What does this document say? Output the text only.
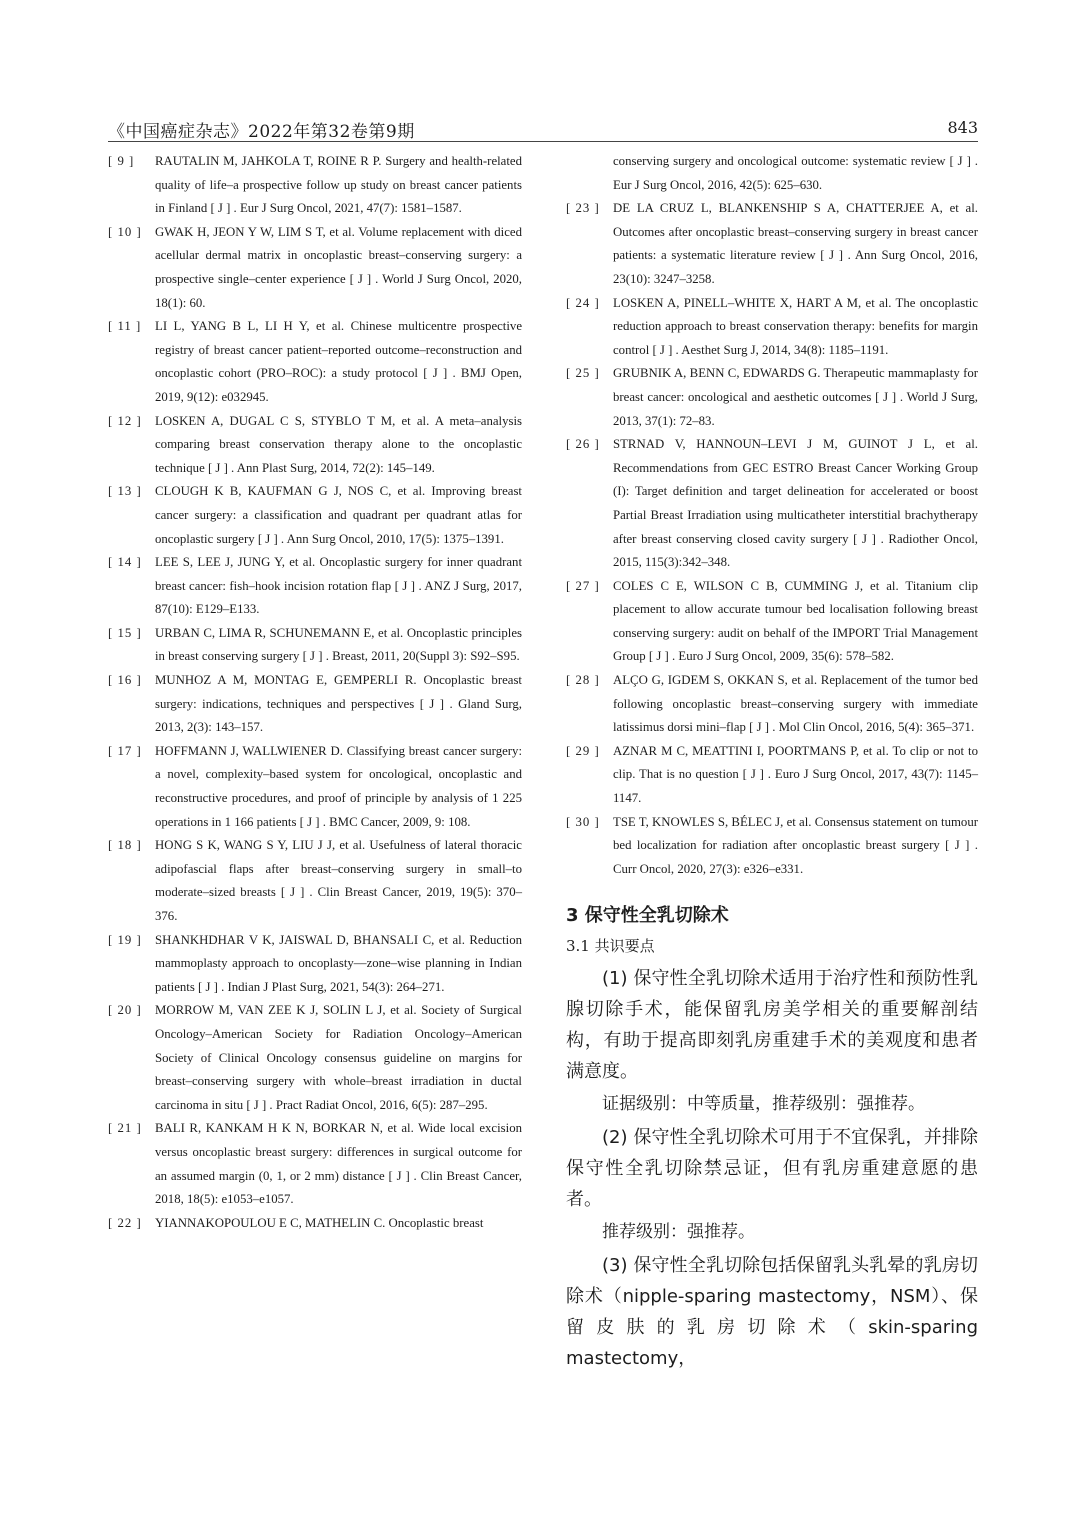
《中国癌症杂志》2022年第32卷第9期	843
[ 9 ]	RAUTALIN M, JAHKOLA T, ROINE R P. Surgery and health-related quality of life–a prospective follow up study on breast cancer patients in Finland [ J ] . Eur J Surg Oncol, 2021, 47(7): 1581–1587.
[ 10 ]	GWAK H, JEON Y W, LIM S T, et al. Volume replacement with diced acellular dermal matrix in oncoplastic breast–conserving surgery: a prospective single–center experience [ J ] . World J Surg Oncol, 2020, 18(1): 60.
[ 11 ]	LI L, YANG B L, LI H Y, et al. Chinese multicentre prospective registry of breast cancer patient–reported outcome–reconstruction and oncoplastic cohort (PRO–ROC): a study protocol [ J ] . BMJ Open, 2019, 9(12): e032945.
[ 12 ]	LOSKEN A, DUGAL C S, STYBLO T M, et al. A meta–analysis comparing breast conservation therapy alone to the oncoplastic technique [ J ] . Ann Plast Surg, 2014, 72(2): 145–149.
[ 13 ]	CLOUGH K B, KAUFMAN G J, NOS C, et al. Improving breast cancer surgery: a classification and quadrant per quadrant atlas for oncoplastic surgery [ J ] . Ann Surg Oncol, 2010, 17(5): 1375–1391.
[ 14 ]	LEE S, LEE J, JUNG Y, et al. Oncoplastic surgery for inner quadrant breast cancer: fish–hook incision rotation flap [ J ] . ANZ J Surg, 2017, 87(10): E129–E133.
[ 15 ]	URBAN C, LIMA R, SCHUNEMANN E, et al. Oncoplastic principles in breast conserving surgery [ J ] . Breast, 2011, 20(Suppl 3): S92–S95.
[ 16 ]	MUNHOZ A M, MONTAG E, GEMPERLI R. Oncoplastic breast surgery: indications, techniques and perspectives [ J ] . Gland Surg, 2013, 2(3): 143–157.
[ 17 ]	HOFFMANN J, WALLWIENER D. Classifying breast cancer surgery: a novel, complexity–based system for oncological, oncoplastic and reconstructive procedures, and proof of principle by analysis of 1 225 operations in 1 166 patients [ J ] . BMC Cancer, 2009, 9: 108.
[ 18 ]	HONG S K, WANG S Y, LIU J J, et al. Usefulness of lateral thoracic adipofascial flaps after breast–conserving surgery in small–to moderate–sized breasts [ J ] . Clin Breast Cancer, 2019, 19(5): 370–376.
[ 19 ]	SHANKHDHAR V K, JAISWAL D, BHANSALI C, et al. Reduction mammoplasty approach to oncoplasty––zone–wise planning in Indian patients [ J ] . Indian J Plast Surg, 2021, 54(3): 264–271.
[ 20 ]	MORROW M, VAN ZEE K J, SOLIN L J, et al. Society of Surgical Oncology–American Society for Radiation Oncology–American Society of Clinical Oncology consensus guideline on margins for breast–conserving surgery with whole–breast irradiation in ductal carcinoma in situ [ J ] . Pract Radiat Oncol, 2016, 6(5): 287–295.
[ 21 ]	BALI R, KANKAM H K N, BORKAR N, et al. Wide local excision versus oncoplastic breast surgery: differences in surgical outcome for an assumed margin (0, 1, or 2 mm) distance [ J ] . Clin Breast Cancer, 2018, 18(5): e1053–e1057.
[ 22 ]	YIANNAKOPOULOU E C, MATHELIN C. Oncoplastic breast
conserving surgery and oncological outcome: systematic review [ J ] . Eur J Surg Oncol, 2016, 42(5): 625–630.
[ 23 ]	DE LA CRUZ L, BLANKENSHIP S A, CHATTERJEE A, et al. Outcomes after oncoplastic breast–conserving surgery in breast cancer patients: a systematic literature review [ J ] . Ann Surg Oncol, 2016, 23(10): 3247–3258.
[ 24 ]	LOSKEN A, PINELL–WHITE X, HART A M, et al. The oncoplastic reduction approach to breast conservation therapy: benefits for margin control [ J ] . Aesthet Surg J, 2014, 34(8): 1185–1191.
[ 25 ]	GRUBNIK A, BENN C, EDWARDS G. Therapeutic mammaplasty for breast cancer: oncological and aesthetic outcomes [ J ] . World J Surg, 2013, 37(1): 72–83.
[ 26 ]	STRNAD V, HANNOUN–LEVI J M, GUINOT J L, et al. Recommendations from GEC ESTRO Breast Cancer Working Group (I): Target definition and target delineation for accelerated or boost Partial Breast Irradiation using multicatheter interstitial brachytherapy after breast conserving closed cavity surgery [ J ] . Radiother Oncol, 2015, 115(3):342–348.
[ 27 ]	COLES C E, WILSON C B, CUMMING J, et al. Titanium clip placement to allow accurate tumour bed localisation following breast conserving surgery: audit on behalf of the IMPORT Trial Management Group [ J ] . Euro J Surg Oncol, 2009, 35(6): 578–582.
[ 28 ]	ALÇO G, IGDEM S, OKKAN S, et al. Replacement of the tumor bed following oncoplastic breast–conserving surgery with immediate latissimus dorsi mini–flap [ J ] . Mol Clin Oncol, 2016, 5(4): 365–371.
[ 29 ]	AZNAR M C, MEATTINI I, POORTMANS P, et al. To clip or not to clip. That is no question [ J ] . Euro J Surg Oncol, 2017, 43(7): 1145–1147.
[ 30 ]	TSE T, KNOWLES S, BÉLEC J, et al. Consensus statement on tumour bed localization for radiation after oncoplastic breast surgery [ J ] . Curr Oncol, 2020, 27(3): e326–e331.
3 保守性全乳切除术
3.1 共识要点

(1) 保守性全乳切除术适用于治疗性和预防性乳腺切除手术，能保留乳房美学相关的重要解剖结构，有助于提高即刻乳房重建手术的美观度和患者满意度。

证据级别：中等质量，推荐级别：强推荐。

(2) 保守性全乳切除术可用于不宜保乳，并排除保守性全乳切除禁忌证，但有乳房重建意愿的患者。

推荐级别：强推荐。

(3) 保守性全乳切除包括保留乳头乳晕的乳房切除术（nipple-sparing mastectomy，NSM）、保留皮肤的乳房切除术（skin-sparing mastectomy，
